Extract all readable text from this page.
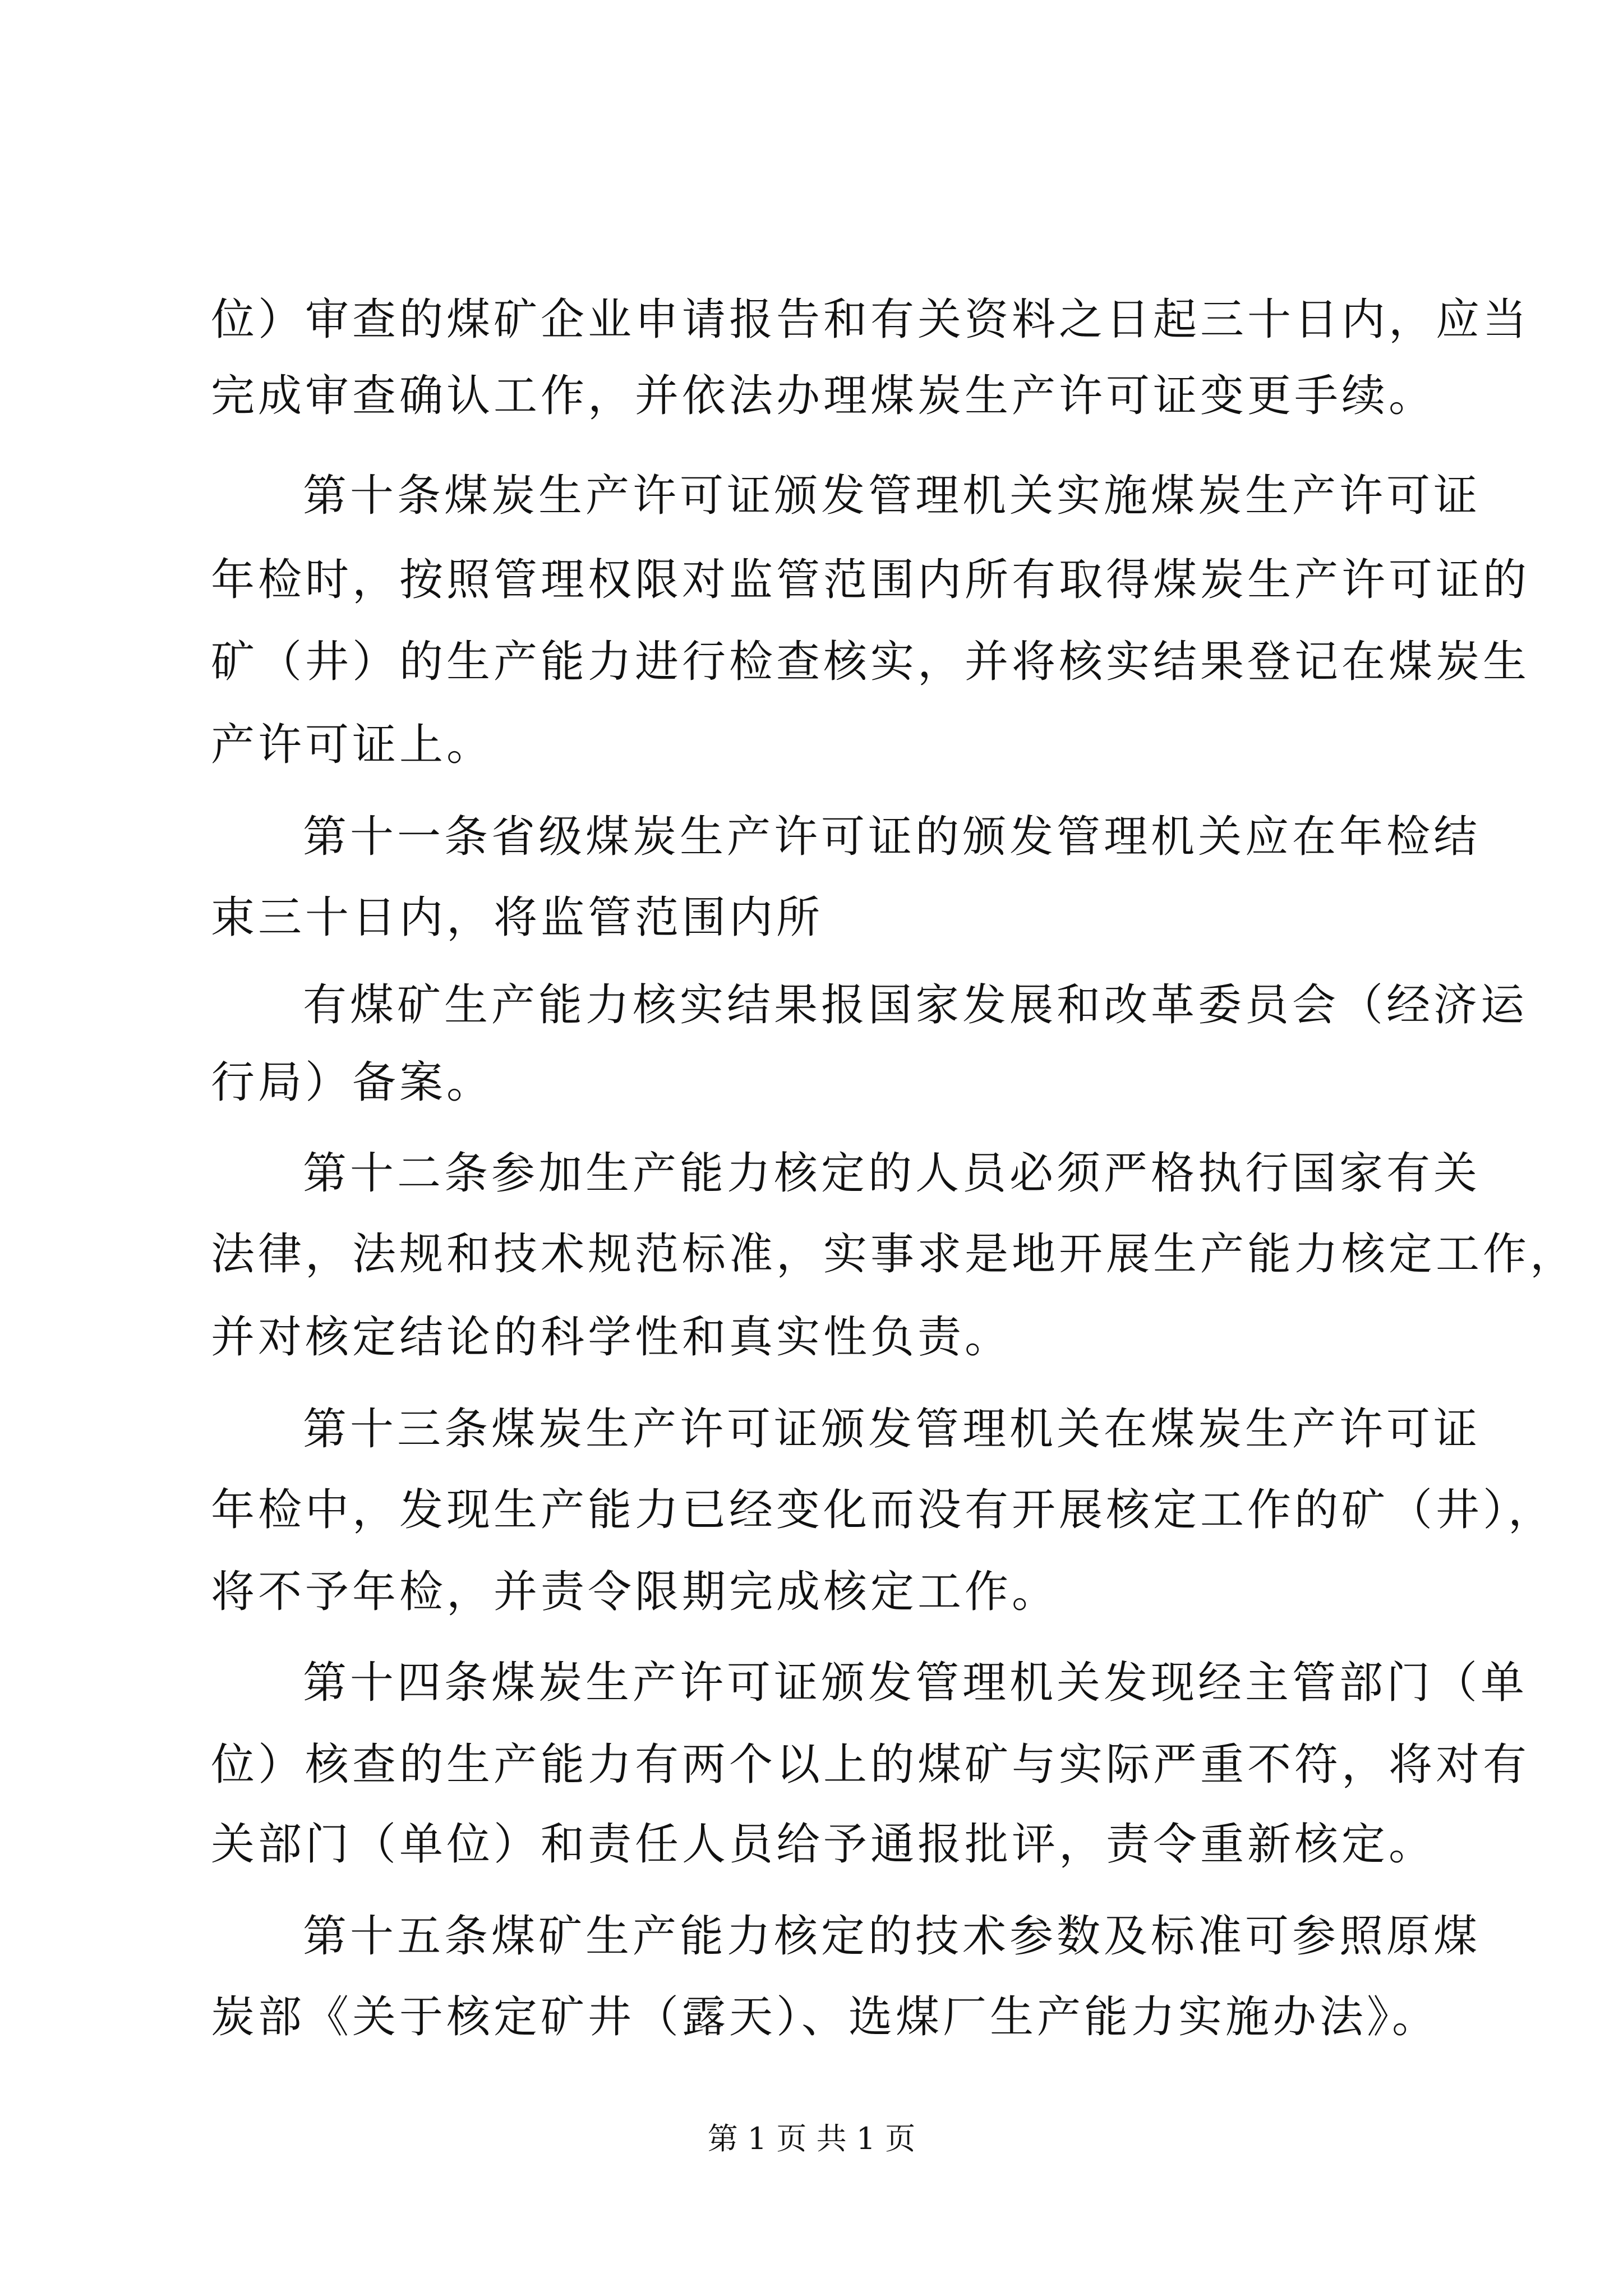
位）审查的煤矿企业申请报告和有关资料之日起三十日内，应当
完成审查确认工作，并依法办理煤炭生产许可证变更手续。
第十条煤炭生产许可证颁发管理机关实施煤炭生产许可证
年检时，按照管理权限对监管范围内所有取得煤炭生产许可证的
矿（井）的生产能力进行检查核实，并将核实结果登记在煤炭生
产许可证上。
第十一条省级煤炭生产许可证的颁发管理机关应在年检结
束三十日内，将监管范围内所
有煤矿生产能力核实结果报国家发展和改革委员会（经济运
行局）备案。
第十二条参加生产能力核定的人员必须严格执行国家有关
法律，法规和技术规范标准，实事求是地开展生产能力核定工作，
并对核定结论的科学性和真实性负责。
第十三条煤炭生产许可证颁发管理机关在煤炭生产许可证
年检中，发现生产能力已经变化而没有开展核定工作的矿（井），
将不予年检，并责令限期完成核定工作。
第十四条煤炭生产许可证颁发管理机关发现经主管部门（单
位）核查的生产能力有两个以上的煤矿与实际严重不符，将对有
关部门（单位）和责任人员给予通报批评，责令重新核定。
第十五条煤矿生产能力核定的技术参数及标准可参照原煤
炭部《关于核定矿井（露天）、选煤厂生产能力实施办法》。
第 1 页 共 1 页
